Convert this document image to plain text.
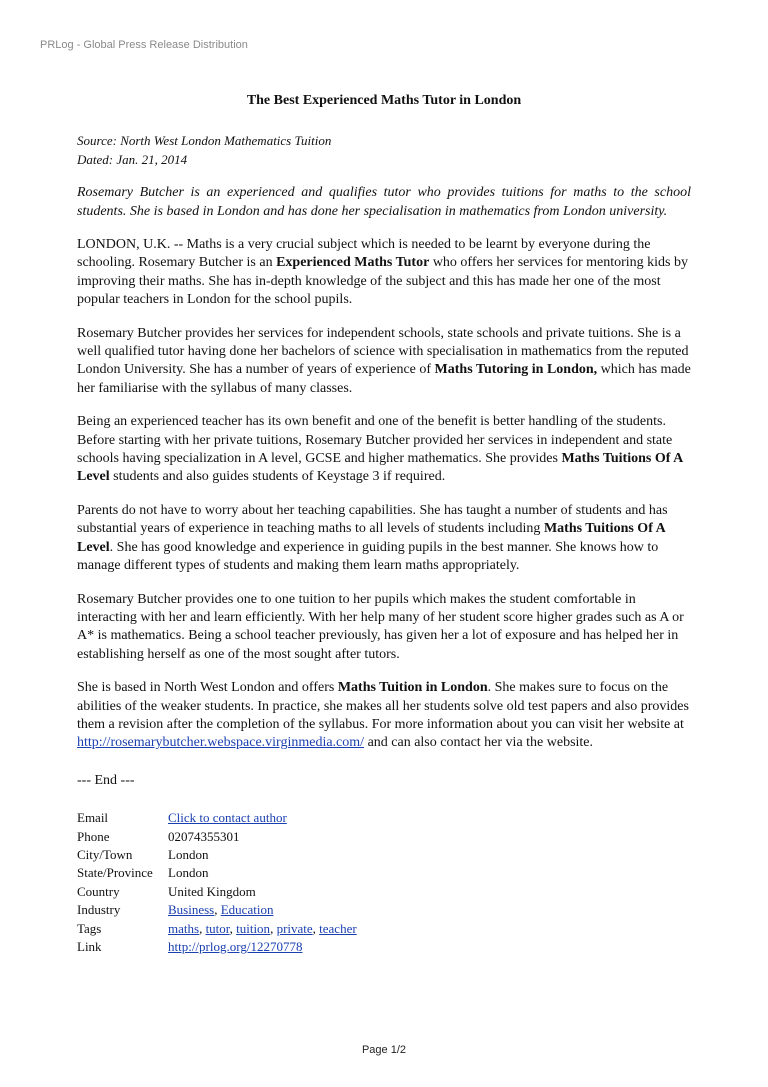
PRLog - Global Press Release Distribution
The Best Experienced Maths Tutor in London
Source: North West London Mathematics Tuition
Dated: Jan. 21, 2014
Rosemary Butcher is an experienced and qualifies tutor who provides tuitions for maths to the school students. She is based in London and has done her specialisation in mathematics from London university.

LONDON, U.K. -- Maths is a very crucial subject which is needed to be learnt by everyone during the schooling. Rosemary Butcher is an Experienced Maths Tutor who offers her services for mentoring kids by improving their maths. She has in-depth knowledge of the subject and this has made her one of the most popular teachers in London for the school pupils.

Rosemary Butcher provides her services for independent schools, state schools and private tuitions. She is a well qualified tutor having done her bachelors of science with specialisation in mathematics from the reputed London University. She has a number of years of experience of Maths Tutoring in London, which has made her familiarise with the syllabus of many classes.

Being an experienced teacher has its own benefit and one of the benefit is better handling of the students. Before starting with her private tuitions, Rosemary Butcher provided her services in independent and state schools having specialization in A level, GCSE and higher mathematics. She provides Maths Tuitions Of A Level students and also guides students of Keystage 3 if required.

Parents do not have to worry about her teaching capabilities. She has taught a number of students and has substantial years of experience in teaching maths to all levels of students including Maths Tuitions Of A Level. She has good knowledge and experience in guiding pupils in the best manner. She knows how to manage different types of students and making them learn maths appropriately.

Rosemary Butcher provides one to one tuition to her pupils which makes the student comfortable in interacting with her and learn efficiently. With her help many of her student score higher grades such as A or A* is mathematics. Being a school teacher previously, has given her a lot of exposure and has helped her in establishing herself as one of the most sought after tutors.

She is based in North West London and offers Maths Tuition in London. She makes sure to focus on the abilities of the weaker students. In practice, she makes all her students solve old test papers and also provides them a revision after the completion of the syllabus. For more information about you can visit her website at http://rosemarybutcher.webspace.virginmedia.com/ and can also contact her via the website.

--- End ---
Email	Click to contact author
Phone	02074355301
City/Town	London
State/Province	London
Country	United Kingdom
Industry	Business, Education
Tags	maths, tutor, tuition, private, teacher
Link	http://prlog.org/12270778
Page 1/2
